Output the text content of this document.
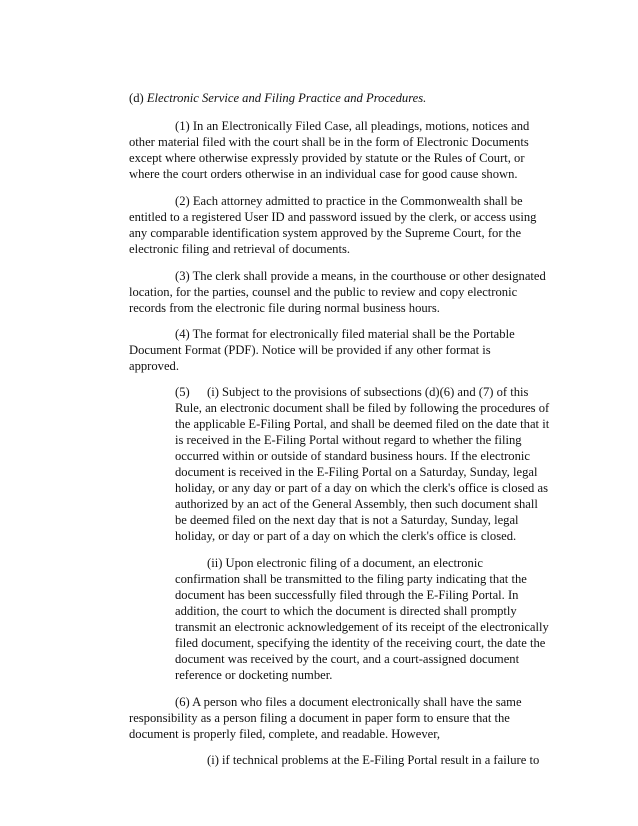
(d) Electronic Service and Filing Practice and Procedures.
(1) In an Electronically Filed Case, all pleadings, motions, notices and
other material filed with the court shall be in the form of Electronic Documents
except where otherwise expressly provided by statute or the Rules of Court, or
where the court orders otherwise in an individual case for good cause shown.
(2) Each attorney admitted to practice in the Commonwealth shall be
entitled to a registered User ID and password issued by the clerk, or access using
any comparable identification system approved by the Supreme Court, for the
electronic filing and retrieval of documents.
(3) The clerk shall provide a means, in the courthouse or other designated
location, for the parties, counsel and the public to review and copy electronic
records from the electronic file during normal business hours.
(4) The format for electronically filed material shall be the Portable
Document Format (PDF). Notice will be provided if any other format is
approved.
(5) (i) Subject to the provisions of subsections (d)(6) and (7) of this
Rule, an electronic document shall be filed by following the procedures of
the applicable E-Filing Portal, and shall be deemed filed on the date that it
is received in the E-Filing Portal without regard to whether the filing
occurred within or outside of standard business hours. If the electronic
document is received in the E-Filing Portal on a Saturday, Sunday, legal
holiday, or any day or part of a day on which the clerk's office is closed as
authorized by an act of the General Assembly, then such document shall
be deemed filed on the next day that is not a Saturday, Sunday, legal
holiday, or day or part of a day on which the clerk's office is closed.
(ii) Upon electronic filing of a document, an electronic
confirmation shall be transmitted to the filing party indicating that the
document has been successfully filed through the E-Filing Portal. In
addition, the court to which the document is directed shall promptly
transmit an electronic acknowledgement of its receipt of the electronically
filed document, specifying the identity of the receiving court, the date the
document was received by the court, and a court-assigned document
reference or docketing number.
(6) A person who files a document electronically shall have the same
responsibility as a person filing a document in paper form to ensure that the
document is properly filed, complete, and readable. However,
(i) if technical problems at the E-Filing Portal result in a failure to
